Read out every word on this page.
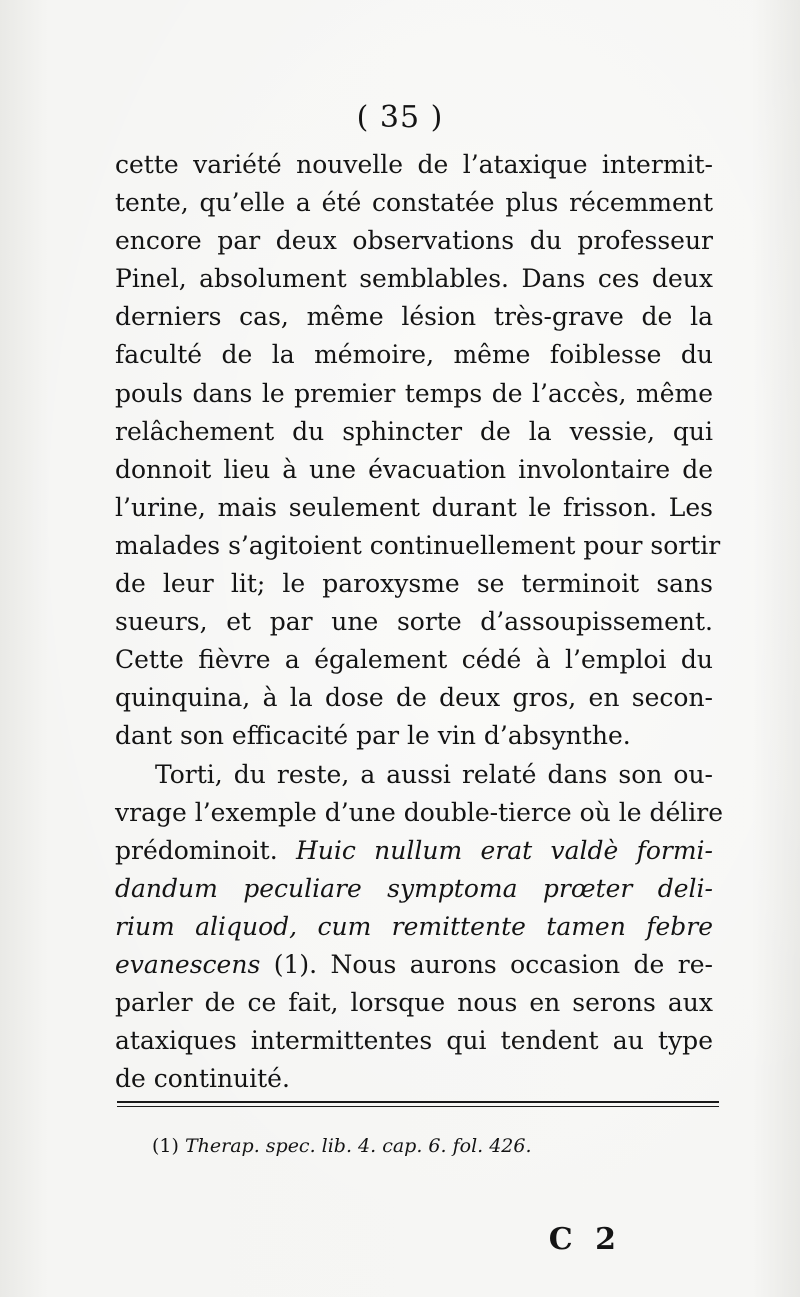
( 35 )
cette variété nouvelle de l’ataxique intermit-
tente, qu’elle a été constatée plus récemment
encore par deux observations du professeur
Pinel, absolument semblables. Dans ces deux
derniers cas, même lésion très-grave de la
faculté de la mémoire, même foiblesse du
pouls dans le premier temps de l’accès, même
relâchement du sphincter de la vessie, qui
donnoit lieu à une évacuation involontaire de
l’urine, mais seulement durant le frisson. Les
malades s’agitoient continuellement pour sortir
de leur lit; le paroxysme se terminoit sans
sueurs, et par une sorte d’assoupissement.
Cette fièvre a également cédé à l’emploi du
quinquina, à la dose de deux gros, en secon-
dant son efficacité par le vin d’absynthe.
Torti, du reste, a aussi relaté dans son ou-
vrage l’exemple d’une double-tierce où le délire
prédominoit. Huic nullum erat valdè formi-
dandum peculiare symptoma prœter deli-
rium aliquod, cum remittente tamen febre
evanescens (1). Nous aurons occasion de re-
parler de ce fait, lorsque nous en serons aux
ataxiques intermittentes qui tendent au type
de continuité.
(1) Therap. spec. lib. 4. cap. 6. fol. 426.
C 2
